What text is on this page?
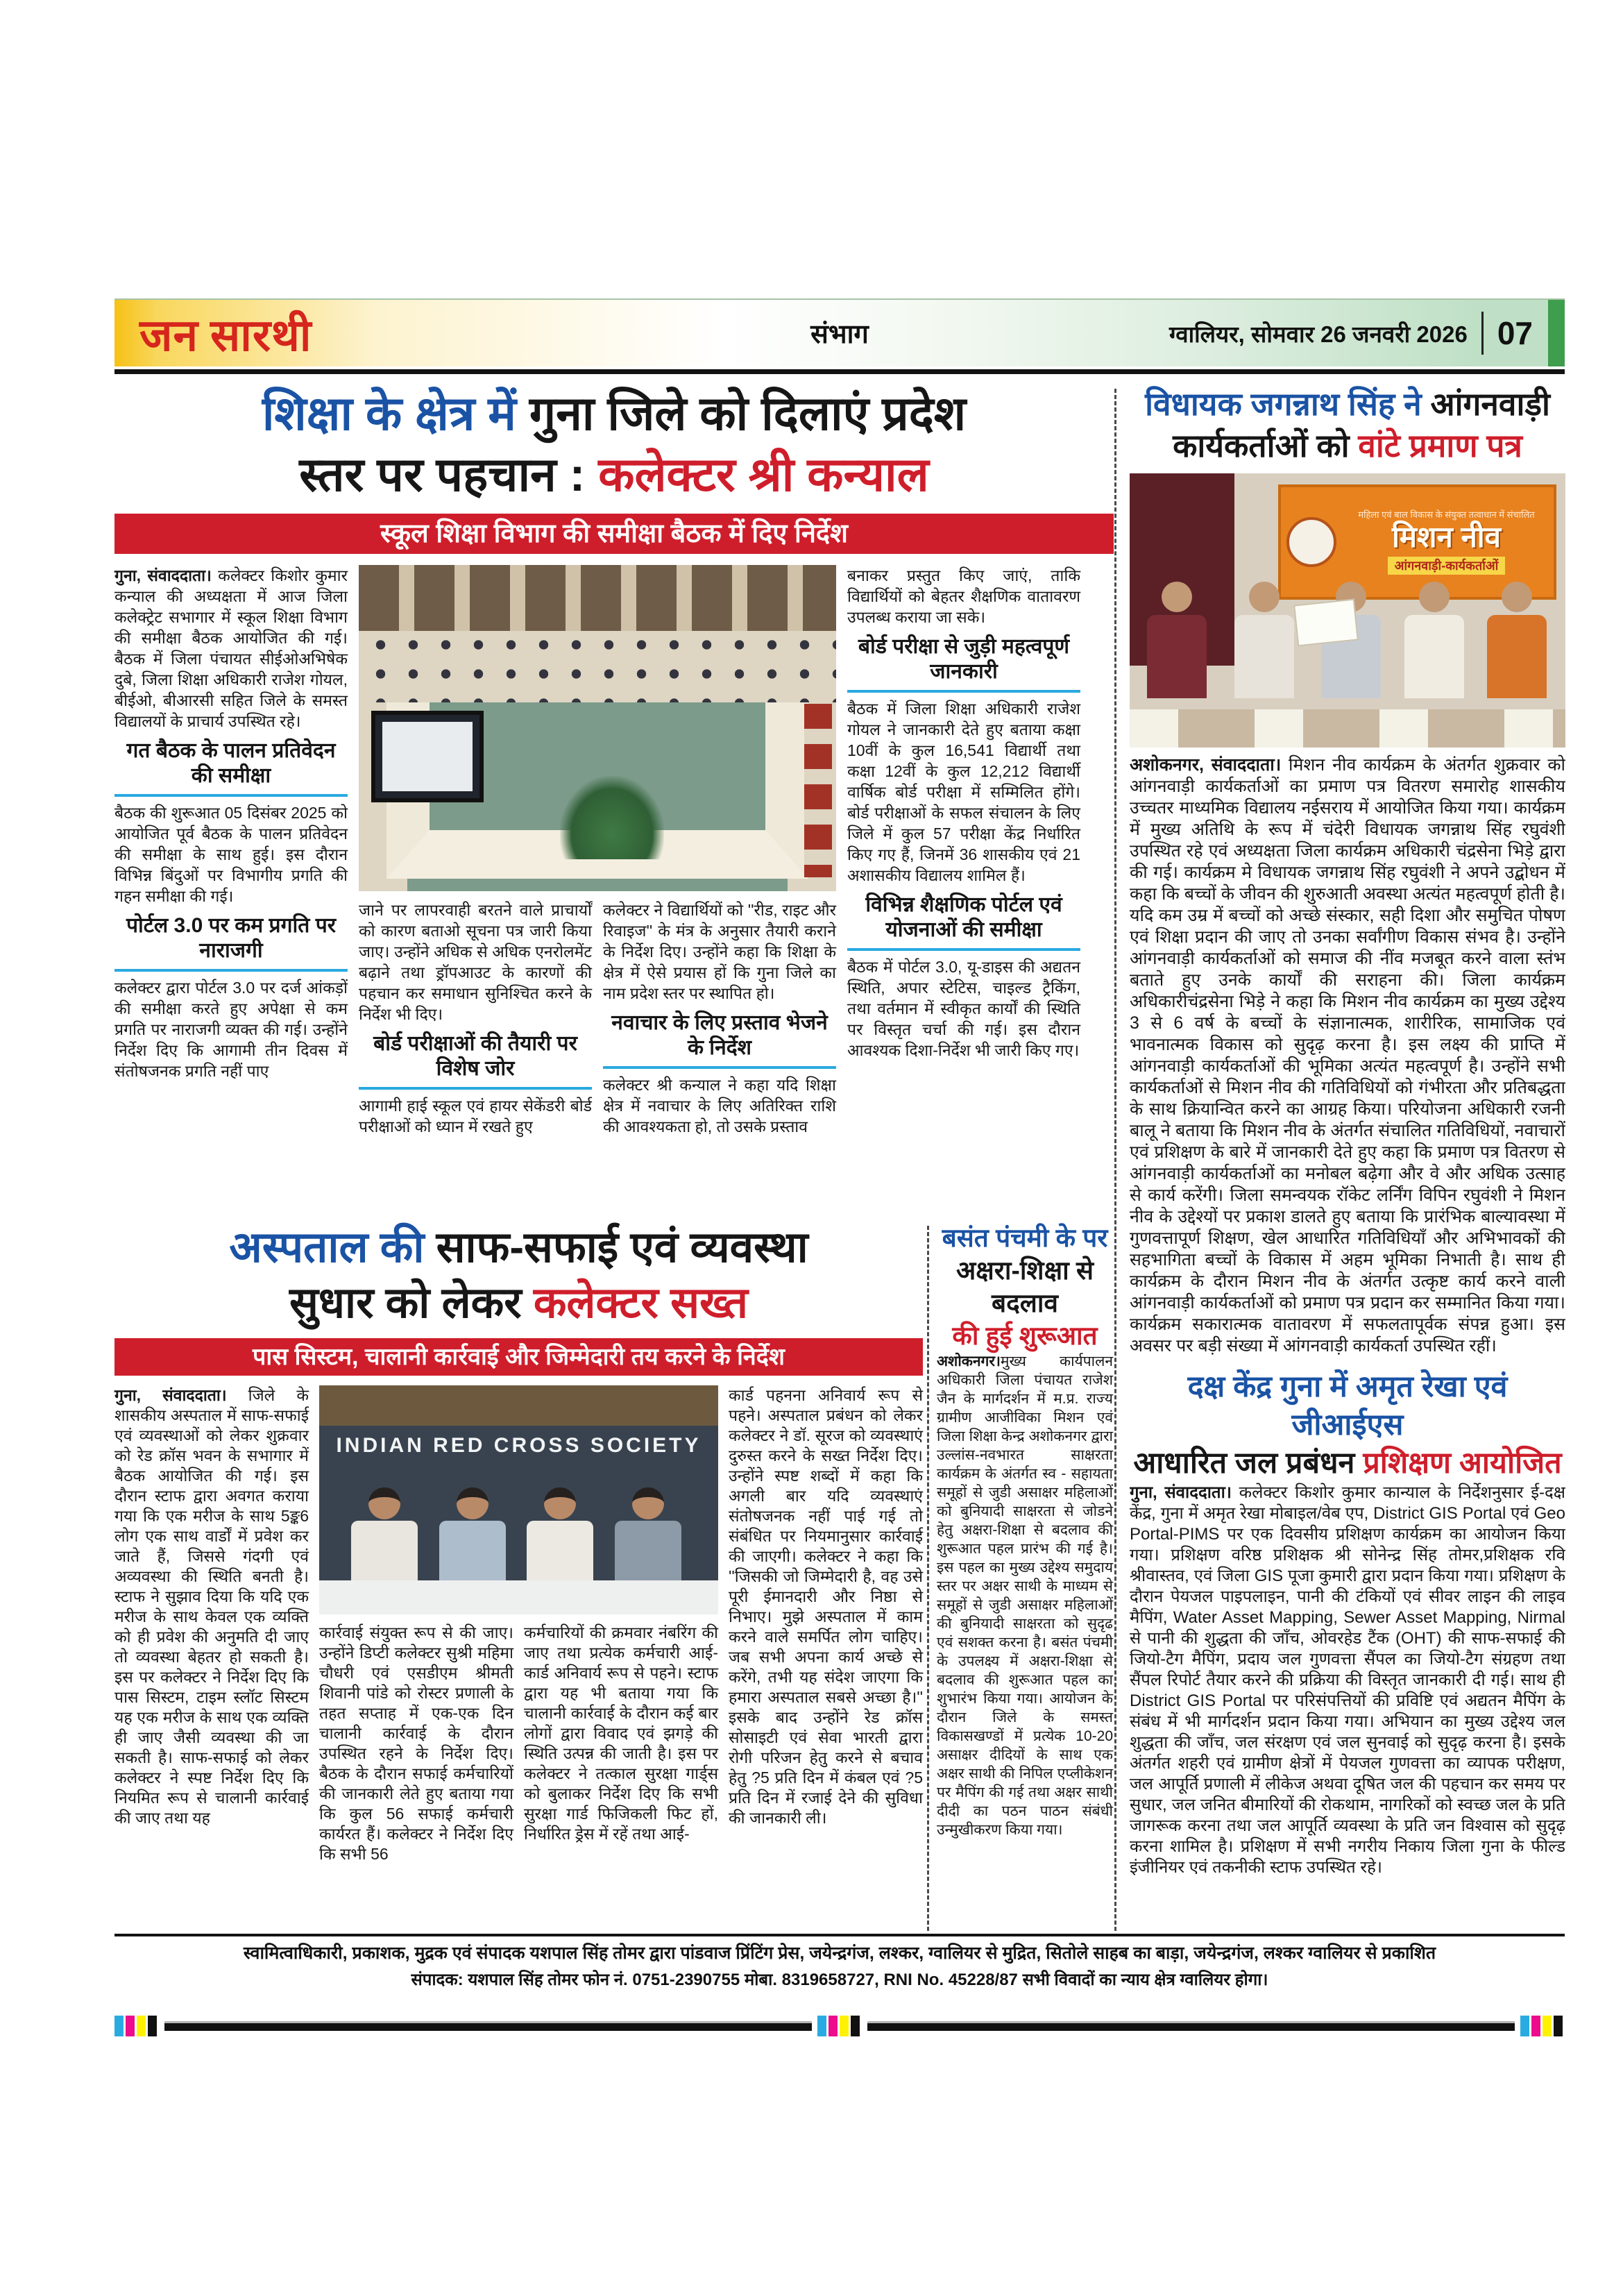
जन सारथी	संभाग	ग्वालियर, सोमवार 26 जनवरी 2026 07
शिक्षा के क्षेत्र में गुना जिले को दिलाएं प्रदेश
स्तर पर पहचान : कलेक्टर श्री कन्याल
स्कूल शिक्षा विभाग की समीक्षा बैठक में दिए निर्देश

गुना, संवाददाता। कलेक्टर किशोर कुमार कन्याल की अध्यक्षता में आज जिला कलेक्ट्रेट सभागार में स्कूल शिक्षा विभाग की समीक्षा बैठक आयोजित की गई। बैठक में जिला पंचायत सीईओअभिषेक दुबे, जिला शिक्षा अधिकारी राजेश गोयल, बीईओ, बीआरसी सहित जिले के समस्त विद्यालयों के प्राचार्य उपस्थित रहे।

गत बैठक के पालन प्रतिवेदन की समीक्षा

बैठक की शुरूआत 05 दिसंबर 2025 को आयोजित पूर्व बैठक के पालन प्रतिवेदन की समीक्षा के साथ हुई। इस दौरान विभिन्न बिंदुओं पर विभागीय प्रगति की गहन समीक्षा की गई।

पोर्टल 3.0 पर कम प्रगति पर नाराजगी

कलेक्टर द्वारा पोर्टल 3.0 पर दर्ज आंकड़ों की समीक्षा करते हुए अपेक्षा से कम प्रगति पर नाराजगी व्यक्त की गई। उन्होंने निर्देश दिए कि आगामी तीन दिवस में संतोषजनक प्रगति नहीं पाए

जाने पर लापरवाही बरतने वाले प्राचार्यों को कारण बताओ सूचना पत्र जारी किया जाए। उन्होंने अधिक से अधिक एनरोलमेंट बढ़ाने तथा ड्रॉपआउट के कारणों की पहचान कर समाधान सुनिश्चित करने के निर्देश भी दिए।

बोर्ड परीक्षाओं की तैयारी पर विशेष जोर

आगामी हाई स्कूल एवं हायर सेकेंडरी बोर्ड परीक्षाओं को ध्यान में रखते हुए

कलेक्टर ने विद्यार्थियों को ''रीड, राइट और रिवाइज'' के मंत्र के अनुसार तैयारी कराने के निर्देश दिए। उन्होंने कहा कि शिक्षा के क्षेत्र में ऐसे प्रयास हों कि गुना जिले का नाम प्रदेश स्तर पर स्थापित हो।

नवाचार के लिए प्रस्ताव भेजने के निर्देश

कलेक्टर श्री कन्याल ने कहा यदि शिक्षा क्षेत्र में नवाचार के लिए अतिरिक्त राशि की आवश्यकता हो, तो उसके प्रस्ताव

बनाकर प्रस्तुत किए जाएं, ताकि विद्यार्थियों को बेहतर शैक्षणिक वातावरण उपलब्ध कराया जा सके।

बोर्ड परीक्षा से जुड़ी महत्वपूर्ण जानकारी

बैठक में जिला शिक्षा अधिकारी राजेश गोयल ने जानकारी देते हुए बताया कक्षा 10वीं के कुल 16,541 विद्यार्थी तथा कक्षा 12वीं के कुल 12,212 विद्यार्थी वार्षिक बोर्ड परीक्षा में सम्मिलित होंगे। बोर्ड परीक्षाओं के सफल संचालन के लिए जिले में कुल 57 परीक्षा केंद्र निर्धारित किए गए हैं, जिनमें 36 शासकीय एवं 21 अशासकीय विद्यालय शामिल हैं।

विभिन्न शैक्षणिक पोर्टल एवं योजनाओं की समीक्षा

बैठक में पोर्टल 3.0, यू-डाइस की अद्यतन स्थिति, अपार स्टेटिस, चाइल्ड ट्रैकिंग, तथा वर्तमान में स्वीकृत कार्यों की स्थिति पर विस्तृत चर्चा की गई। इस दौरान आवश्यक दिशा-निर्देश भी जारी किए गए।

विधायक जगन्नाथ सिंह ने आंगनवाड़ी
कार्यकर्ताओं को वांटे प्रमाण पत्र
महिला एवं बाल विकास के संयुक्त तत्वाधान में संचालित
मिशन नीव
आंगनवाड़ी-कार्यकर्ताओं

अशोकनगर, संवाददाता। मिशन नीव कार्यक्रम के अंतर्गत शुक्रवार को आंगनवाड़ी कार्यकर्ताओं का प्रमाण पत्र वितरण समारोह शासकीय उच्चतर माध्यमिक विद्यालय नईसराय में आयोजित किया गया। कार्यक्रम में मुख्य अतिथि के रूप में चंदेरी विधायक जगन्नाथ सिंह रघुवंशी उपस्थित रहे एवं अध्यक्षता जिला कार्यक्रम अधिकारी चंद्रसेना भिड़े द्वारा की गई। कार्यक्रम मे विधायक जगन्नाथ सिंह रघुवंशी ने अपने उद्बोधन में कहा कि बच्चों के जीवन की शुरुआती अवस्था अत्यंत महत्वपूर्ण होती है। यदि कम उम्र में बच्चों को अच्छे संस्कार, सही दिशा और समुचित पोषण एवं शिक्षा प्रदान की जाए तो उनका सर्वांगीण विकास संभव है। उन्होंने आंगनवाड़ी कार्यकर्ताओं को समाज की नींव मजबूत करने वाला स्तंभ बताते हुए उनके कार्यों की सराहना की। जिला कार्यक्रम अधिकारीचंद्रसेना भिड़े ने कहा कि मिशन नीव कार्यक्रम का मुख्य उद्देश्य 3 से 6 वर्ष के बच्चों के संज्ञानात्मक, शारीरिक, सामाजिक एवं भावनात्मक विकास को सुदृढ़ करना है। इस लक्ष्य की प्राप्ति में आंगनवाड़ी कार्यकर्ताओं की भूमिका अत्यंत महत्वपूर्ण है। उन्होंने सभी कार्यकर्ताओं से मिशन नीव की गतिविधियों को गंभीरता और प्रतिबद्धता के साथ क्रियान्वित करने का आग्रह किया। परियोजना अधिकारी रजनी बालू ने बताया कि मिशन नीव के अंतर्गत संचालित गतिविधियों, नवाचारों एवं प्रशिक्षण के बारे में जानकारी देते हुए कहा कि प्रमाण पत्र वितरण से आंगनवाड़ी कार्यकर्ताओं का मनोबल बढ़ेगा और वे और अधिक उत्साह से कार्य करेंगी। जिला समन्वयक रॉकेट लर्निंग विपिन रघुवंशी ने मिशन नीव के उद्देश्यों पर प्रकाश डालते हुए बताया कि प्रारंभिक बाल्यावस्था में गुणवत्तापूर्ण शिक्षण, खेल आधारित गतिविधियाँ और अभिभावकों की सहभागिता बच्चों के विकास में अहम भूमिका निभाती है। साथ ही कार्यक्रम के दौरान मिशन नीव के अंतर्गत उत्कृष्ट कार्य करने वाली आंगनवाड़ी कार्यकर्ताओं को प्रमाण पत्र प्रदान कर सम्मानित किया गया। कार्यक्रम सकारात्मक वातावरण में सफलतापूर्वक संपन्न हुआ। इस अवसर पर बड़ी संख्या में आंगनवाड़ी कार्यकर्ता उपस्थित रहीं।

दक्ष केंद्र गुना में अमृत रेखा एवं जीआईएस
आधारित जल प्रबंधन प्रशिक्षण आयोजित

गुना, संवाददाता। कलेक्टर किशोर कुमार कान्याल के निर्देशनुसार ई-दक्ष केंद्र, गुना में अमृत रेखा मोबाइल/वेब एप, District GIS Portal एवं Geo Portal-PIMS पर एक दिवसीय प्रशिक्षण कार्यक्रम का आयोजन किया गया। प्रशिक्षण वरिष्ठ प्रशिक्षक श्री सोनेन्द्र सिंह तोमर,प्रशिक्षक रवि श्रीवास्तव, एवं जिला GIS पूजा कुमारी द्वारा प्रदान किया गया। प्रशिक्षण के दौरान पेयजल पाइपलाइन, पानी की टंकियों एवं सीवर लाइन की लाइव मैपिंग, Water Asset Mapping, Sewer Asset Mapping, Nirmal से पानी की शुद्धता की जाँच, ओवरहेड टैंक (OHT) की साफ-सफाई की जियो-टैग मैपिंग, प्रदाय जल गुणवत्ता सैंपल का जियो-टैग संग्रहण तथा सैंपल रिपोर्ट तैयार करने की प्रक्रिया की विस्तृत जानकारी दी गई। साथ ही District GIS Portal पर परिसंपत्तियों की प्रविष्टि एवं अद्यतन मैपिंग के संबंध में भी मार्गदर्शन प्रदान किया गया। अभियान का मुख्य उद्देश्य जल शुद्धता की जाँच, जल संरक्षण एवं जल सुनवाई को सुदृढ़ करना है। इसके अंतर्गत शहरी एवं ग्रामीण क्षेत्रों में पेयजल गुणवत्ता का व्यापक परीक्षण, जल आपूर्ति प्रणाली में लीकेज अथवा दूषित जल की पहचान कर समय पर सुधार, जल जनित बीमारियों की रोकथाम, नागरिकों को स्वच्छ जल के प्रति जागरूक करना तथा जल आपूर्ति व्यवस्था के प्रति जन विश्वास को सुदृढ़ करना शामिल है। प्रशिक्षण में सभी नगरीय निकाय जिला गुना के फील्ड इंजीनियर एवं तकनीकी स्टाफ उपस्थित रहे।

अस्पताल की साफ-सफाई एवं व्यवस्था
सुधार को लेकर कलेक्टर सख्त
पास सिस्टम, चालानी कार्रवाई और जिम्मेदारी तय करने के निर्देश

गुना, संवाददाता। जिले के शासकीय अस्पताल में साफ-सफाई एवं व्यवस्थाओं को लेकर शुक्रवार को रेड क्रॉस भवन के सभागार में बैठक आयोजित की गई। इस दौरान स्टाफ द्वारा अवगत कराया गया कि एक मरीज के साथ 5ङ्क6 लोग एक साथ वार्डों में प्रवेश कर जाते हैं, जिससे गंदगी एवं अव्यवस्था की स्थिति बनती है। स्टाफ ने सुझाव दिया कि यदि एक मरीज के साथ केवल एक व्यक्ति को ही प्रवेश की अनुमति दी जाए तो व्यवस्था बेहतर हो सकती है। इस पर कलेक्टर ने निर्देश दिए कि पास सिस्टम, टाइम स्लॉट सिस्टम यह एक मरीज के साथ एक व्यक्ति ही जाए जैसी व्यवस्था की जा सकती है। साफ-सफाई को लेकर कलेक्टर ने स्पष्ट निर्देश दिए कि नियमित रूप से चालानी कार्रवाई की जाए तथा यह

INDIAN RED CROSS SOCIETY

कार्रवाई संयुक्त रूप से की जाए। उन्होंने डिप्टी कलेक्टर सुश्री महिमा चौधरी एवं एसडीएम श्रीमती शिवानी पांडे को रोस्टर प्रणाली के तहत सप्ताह में एक-एक दिन चालानी कार्रवाई के दौरान उपस्थित रहने के निर्देश दिए। बैठक के दौरान सफाई कर्मचारियों की जानकारी लेते हुए बताया गया कि कुल 56 सफाई कर्मचारी कार्यरत हैं। कलेक्टर ने निर्देश दिए कि सभी 56

कर्मचारियों की क्रमवार नंबरिंग की जाए तथा प्रत्येक कर्मचारी आई-कार्ड अनिवार्य रूप से पहने। स्टाफ द्वारा यह भी बताया गया कि चालानी कार्रवाई के दौरान कई बार लोगों द्वारा विवाद एवं झगड़े की स्थिति उत्पन्न की जाती है। इस पर कलेक्टर ने तत्काल सुरक्षा गार्ड्स को बुलाकर निर्देश दिए कि सभी सुरक्षा गार्ड फिजिकली फिट हों, निर्धारित ड्रेस में रहें तथा आई-

कार्ड पहनना अनिवार्य रूप से पहने। अस्पताल प्रबंधन को लेकर कलेक्टर ने डॉ. सूरज को व्यवस्थाएं दुरुस्त करने के सख्त निर्देश दिए। उन्होंने स्पष्ट शब्दों में कहा कि अगली बार यदि व्यवस्थाएं संतोषजनक नहीं पाई गई तो संबंधित पर नियमानुसार कार्रवाई की जाएगी। कलेक्टर ने कहा कि ''जिसकी जो जिम्मेदारी है, वह उसे पूरी ईमानदारी और निष्ठा से निभाए। मुझे अस्पताल में काम करने वाले समर्पित लोग चाहिए। जब सभी अपना कार्य अच्छे से करेंगे, तभी यह संदेश जाएगा कि हमारा अस्पताल सबसे अच्छा है।'' इसके बाद उन्होंने रेड क्रॉस सोसाइटी एवं सेवा भारती द्वारा रोगी परिजन हेतु करने से बचाव हेतु ?5 प्रति दिन में कंबल एवं ?5 प्रति दिन में रजाई देने की सुविधा की जानकारी ली।

बसंत पंचमी के पर
अक्षरा-शिक्षा से बदलाव
की हुई शुरूआत

अशोकनगर।मुख्य कार्यपालन अधिकारी जिला पंचायत राजेश जैन के मार्गदर्शन में म.प्र. राज्य ग्रामीण आजीविका मिशन एवं जिला शिक्षा केन्द्र अशोकनगर द्वारा उल्लांस-नवभारत साक्षरता कार्यक्रम के अंतर्गत स्व - सहायता समूहों से जुडी असाक्षर महिलाओं को बुनियादी साक्षरता से जोडने हेतु अक्षरा-शिक्षा से बदलाव की शुरूआत पहल प्रारंभ की गई है। इस पहल का मुख्य उद्देश्य समुदाय स्तर पर अक्षर साथी के माध्यम से समूहों से जुडी असाक्षर महिलाओं की बुनियादी साक्षरता को सुदृढ एवं सशक्त करना है। बसंत पंचमी के उपलक्ष्य में अक्षरा-शिक्षा से बदलाव की शुरूआत पहल का शुभारंभ किया गया। आयोजन के दौरान जिले के समस्त विकासखण्डों में प्रत्येक 10-20 असाक्षर दीदियों के साथ एक अक्षर साथी की निपिल एप्लीकेशन पर मैपिंग की गई तथा अक्षर साथी दीदी का पठन पाठन संबंधी उन्मुखीकरण किया गया।

स्वामित्वाधिकारी, प्रकाशक, मुद्रक एवं संपादक यशपाल सिंह तोमर द्वारा पांडवाज प्रिंटिंग प्रेस, जयेन्द्रगंज, लश्कर, ग्वालियर से मुद्रित, सितोले साहब का बाड़ा, जयेन्द्रगंज, लश्कर ग्वालियर से प्रकाशित
संपादक: यशपाल सिंह तोमर फोन नं. 0751-2390755 मोबा. 8319658727, RNI No. 45228/87 सभी विवादों का न्याय क्षेत्र ग्वालियर होगा।
